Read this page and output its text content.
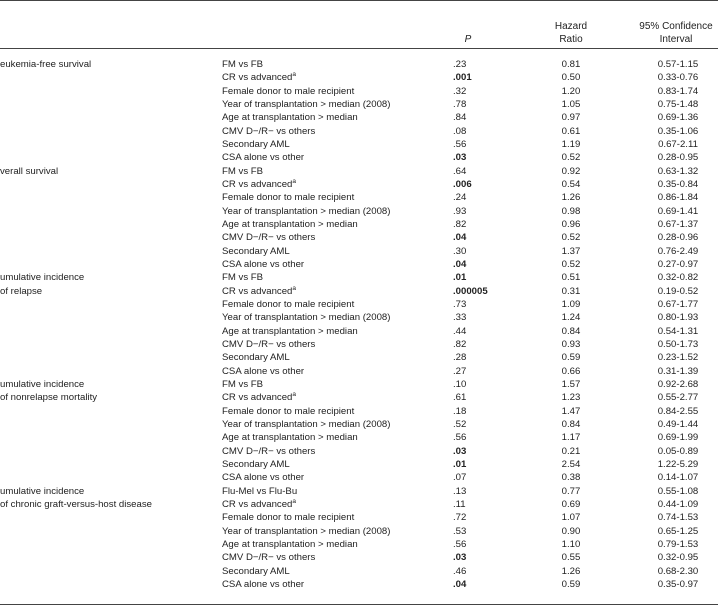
P
Hazard
Ratio
95% Confidence
Interval
eukemia-free survival	FM vs FB	.23	0.81	0.57-1.15
CR vs advanced$^a$	.001	0.50	0.33-0.76
Female donor to male recipient	.32	1.20	0.83-1.74
Year of transplantation > median (2008)	.78	1.05	0.75-1.48
Age at transplantation > median	.84	0.97	0.69-1.36
CMV D−/R− vs others	.08	0.61	0.35-1.06
Secondary AML	.56	1.19	0.67-2.11
CSA alone vs other	.03	0.52	0.28-0.95
verall survival	FM vs FB	.64	0.92	0.63-1.32
CR vs advanced$^a$	.006	0.54	0.35-0.84
Female donor to male recipient	.24	1.26	0.86-1.84
Year of transplantation > median (2008)	.93	0.98	0.69-1.41
Age at transplantation > median	.82	0.96	0.67-1.37
CMV D−/R− vs others	.04	0.52	0.28-0.96
Secondary AML	.30	1.37	0.76-2.49
CSA alone vs other	.04	0.52	0.27-0.97
umulative incidence
of relapse
FM vs FB	.01	0.51	0.32-0.82
CR vs advanced$^a$	.000005	0.31	0.19-0.52
Female donor to male recipient	.73	1.09	0.67-1.77
Year of transplantation > median (2008)	.33	1.24	0.80-1.93
Age at transplantation > median	.44	0.84	0.54-1.31
CMV D−/R− vs others	.82	0.93	0.50-1.73
Secondary AML	.28	0.59	0.23-1.52
CSA alone vs other	.27	0.66	0.31-1.39
umulative incidence
of nonrelapse mortality
FM vs FB	.10	1.57	0.92-2.68
CR vs advanced$^a$	.61	1.23	0.55-2.77
Female donor to male recipient	.18	1.47	0.84-2.55
Year of transplantation > median (2008)	.52	0.84	0.49-1.44
Age at transplantation > median	.56	1.17	0.69-1.99
CMV D−/R− vs others	.03	0.21	0.05-0.89
Secondary AML	.01	2.54	1.22-5.29
CSA alone vs other	.07	0.38	0.14-1.07
umulative incidence
of chronic graft-versus-host disease
Flu-Mel vs Flu-Bu	.13	0.77	0.55-1.08
CR vs advanced$^a$	.11	0.69	0.44-1.09
Female donor to male recipient	.72	1.07	0.74-1.53
Year of transplantation > median (2008)	.53	0.90	0.65-1.25
Age at transplantation > median	.56	1.10	0.79-1.53
CMV D−/R− vs others	.03	0.55	0.32-0.95
Secondary AML	.46	1.26	0.68-2.30
CSA alone vs other	.04	0.59	0.35-0.97
